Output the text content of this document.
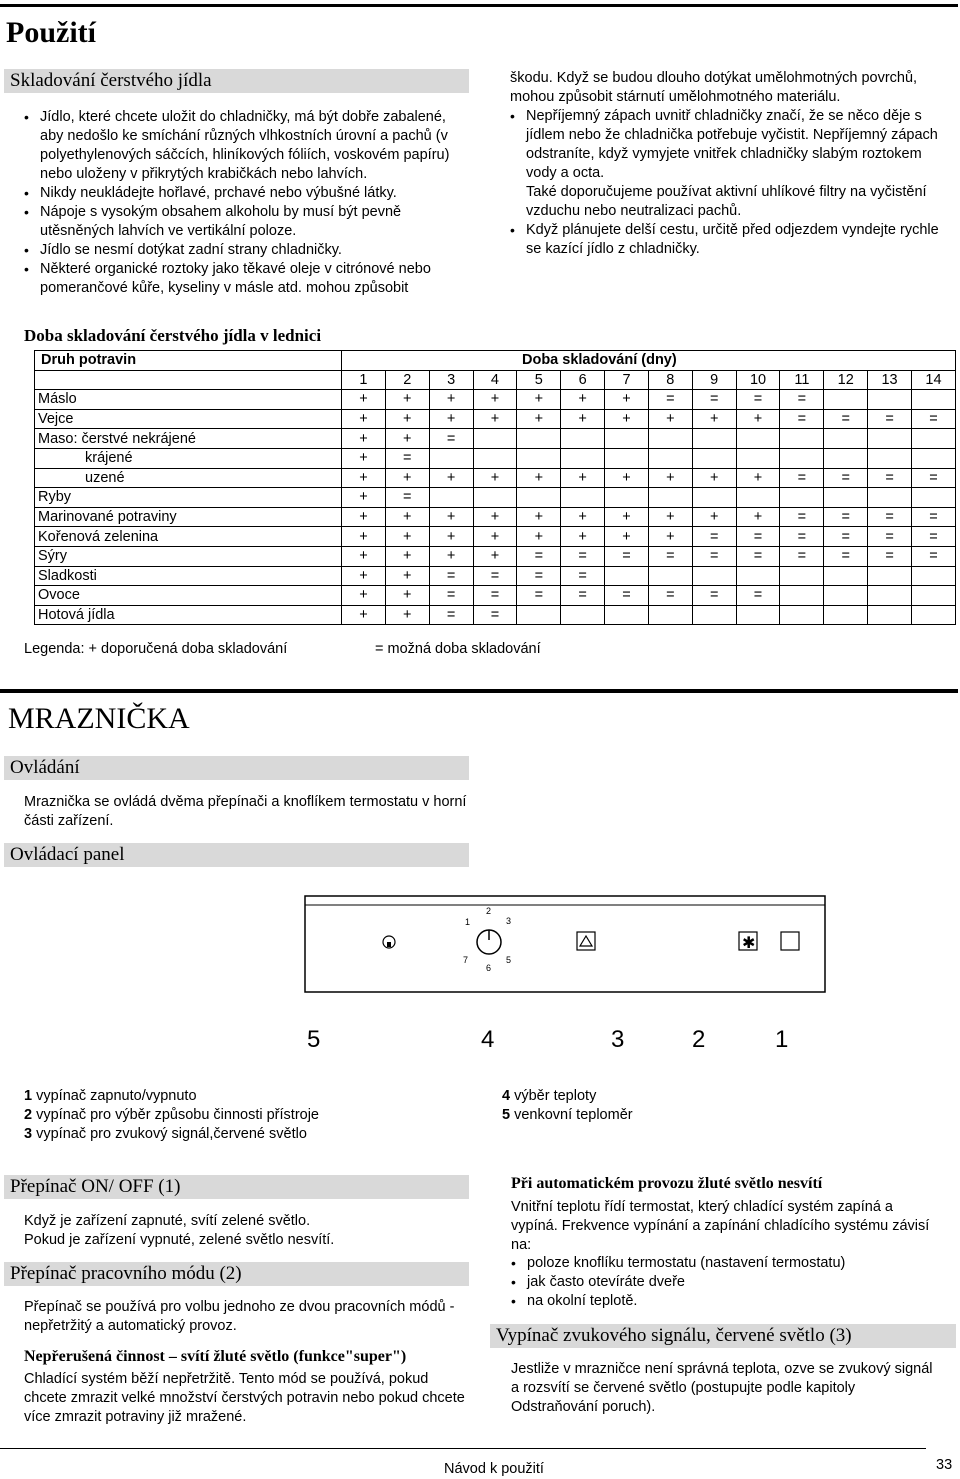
Použití
Skladování čerstvého jídla
• Jídlo, které chcete uložit do chladničky, má být dobře zabalené, aby nedošlo ke smíchání různých vlhkostních úrovní a pachů (v polyethylenových sáčcích, hliníkových fóliích, voskovém papíru) nebo uloženy v přikrytých krabičkách nebo lahvích.
• Nikdy neukládejte hořlavé, prchavé nebo výbušné látky.
• Nápoje s vysokým obsahem alkoholu by musí být pevně utěsněných lahvích ve vertikální poloze.
• Jídlo se nesmí dotýkat zadní strany chladničky.
• Některé organické roztoky jako těkavé oleje v citrónové nebo pomerančové kůře, kyseliny v másle atd. mohou způsobit
škodu. Když se budou dlouho dotýkat umělohmotných povrchů, mohou způsobit stárnutí umělohmotného materiálu.
• Nepříjemný zápach uvnitř chladničky značí, že se něco děje s jídlem nebo že chladnička potřebuje vyčistit. Nepříjemný zápach odstraníte, když vymyjete vnitřek chladničky slabým roztokem vody a octa.
Také doporučujeme používat aktivní uhlíkové filtry na vyčistění vzduchu nebo neutralizaci pachů.
• Když plánujete delší cestu, určitě před odjezdem vyndejte rychle se kazící jídlo z chladničky.
Doba skladování čerstvého jídla v lednici
Druh potravin	Doba skladování (dny)													
	1	2	3	4	5	6	7	8	9	10	11	12	13	14
Máslo	+	+	+	+	+	+	+	=	=	=	=			
Vejce	+	+	+	+	+	+	+	+	+	+	=	=	=	=
Maso: čerstvé nekrájené	+	+	=											
krájené	+	=												
uzené	+	+	+	+	+	+	+	+	+	+	=	=	=	=
Ryby	+	=												
Marinované potraviny	+	+	+	+	+	+	+	+	+	+	=	=	=	=
Kořenová zelenina	+	+	+	+	+	+	+	+	=	=	=	=	=	=
Sýry	+	+	+	+	=	=	=	=	=	=	=	=	=	=
Sladkosti	+	+	=	=	=	=								
Ovoce	+	+	=	=	=	=	=	=	=	=				
Hotová jídla	+	+	=	=										
Legenda: + doporučená doba skladování	= možná doba skladování
MRAZNIČKA
Ovládání
Mraznička se ovládá dvěma přepínači a knoflíkem termostatu v horní části zařízení.
Ovládací panel
1
2
3
7
6
5
✱
5	4	3	2	1
1 vypínač zapnuto/vypnuto
2 vypínač pro výběr způsobu činnosti přístroje
3 vypínač pro zvukový signál,červené světlo
4 výběr teploty
5 venkovní teploměr
Přepínač ON/ OFF (1)
Když je zařízení zapnuté, svítí zelené světlo.
Pokud je zařízení vypnuté, zelené světlo nesvítí.
Přepínač pracovního módu (2)
Přepínač se používá pro volbu jednoho ze dvou pracovních módů - nepřetržitý a automatický provoz.
Nepřerušená činnost – svítí žluté světlo (funkce"super")
Chladící systém běží nepřetržitě. Tento mód se používá, pokud chcete zmrazit velké množství čerstvých potravin nebo pokud chcete více zmrazit potraviny již mražené.
Při automatickém provozu žluté světlo nesvítí
Vnitřní teplotu řídí termostat, který chladící systém zapíná a vypíná. Frekvence vypínání a zapínání chladícího systému závisí na:
• poloze knoflíku termostatu (nastavení termostatu)
• jak často otevíráte dveře
• na okolní teplotě.
Vypínač zvukového signálu, červené světlo (3)
Jestliže v mrazničce není správná teplota, ozve se zvukový signál a rozsvítí se červené světlo (postupujte podle kapitoly Odstraňování poruch).
Návod k použití	33
